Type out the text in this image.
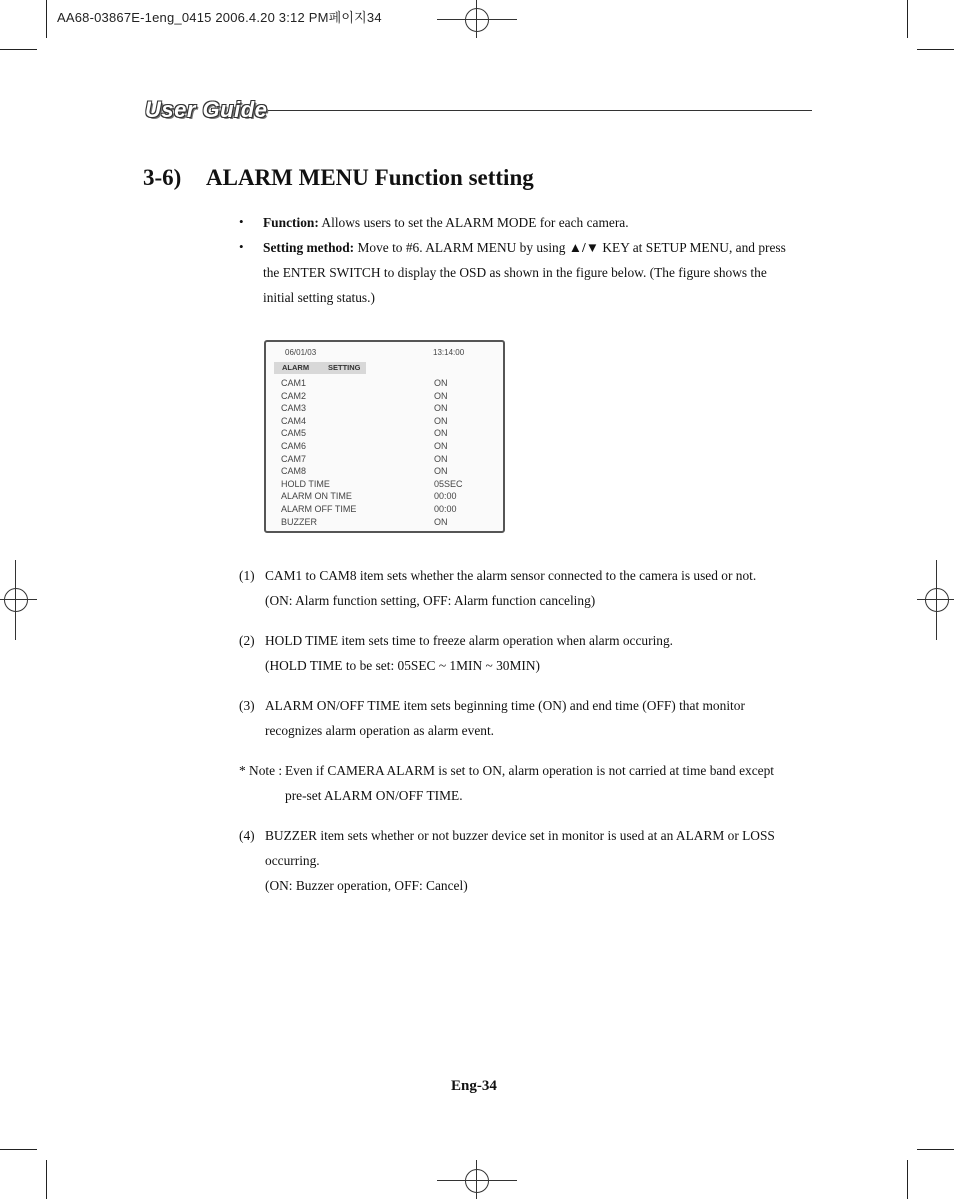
AA68-03867E-1eng_0415 2006.4.20 3:12 PM페이지34
User Guide
3-6) ALARM MENU Function setting
• Function: Allows users to set the ALARM MODE for each camera.
• Setting method: Move to #6. ALARM MENU by using ▲/▼ KEY at SETUP MENU, and press
the ENTER SWITCH to display the OSD as shown in the figure below. (The figure shows the
initial setting status.)
06/01/03	13:14:00
ALARM	SETTING
CAM1	ON
CAM2	ON
CAM3	ON
CAM4	ON
CAM5	ON
CAM6	ON
CAM7	ON
CAM8	ON
HOLD TIME	05SEC
ALARM ON TIME	00:00
ALARM OFF TIME	00:00
BUZZER	ON
(1) CAM1 to CAM8 item sets whether the alarm sensor connected to the camera is used or not.
(ON: Alarm function setting, OFF: Alarm function canceling)
(2) HOLD TIME item sets time to freeze alarm operation when alarm occuring.
(HOLD TIME to be set: 05SEC ~ 1MIN ~ 30MIN)
(3) ALARM ON/OFF TIME item sets beginning time (ON) and end time (OFF) that monitor
recognizes alarm operation as alarm event.
* Note : Even if CAMERA ALARM is set to ON, alarm operation is not carried at time band except
pre-set ALARM ON/OFF TIME.
(4) BUZZER item sets whether or not buzzer device set in monitor is used at an ALARM or LOSS
occurring.
(ON: Buzzer operation, OFF: Cancel)
Eng-34
